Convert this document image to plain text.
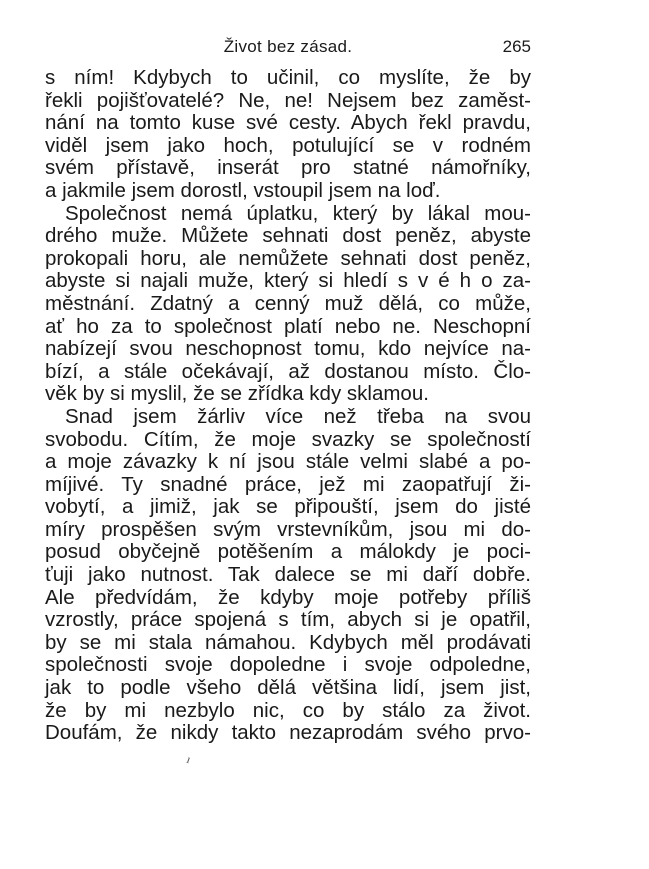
Život bez zásad.	265
s ním! Kdybych to učinil, co myslíte, že by
řekli pojišťovatelé? Ne, ne! Nejsem bez zaměst-
nání na tomto kuse své cesty. Abych řekl pravdu,
viděl jsem jako hoch, potulující se v rodném
svém přístavě, inserát pro statné námořníky,
a jakmile jsem dorostl, vstoupil jsem na loď.
Společnost nemá úplatku, který by lákal mou-
drého muže. Můžete sehnati dost peněz, abyste
prokopali horu, ale nemůžete sehnati dost peněz,
abyste si najali muže, který si hledí s v é h o za-
městnání. Zdatný a cenný muž dělá, co může,
ať ho za to společnost platí nebo ne. Neschopní
nabízejí svou neschopnost tomu, kdo nejvíce na-
bízí, a stále očekávají, až dostanou místo. Člo-
věk by si myslil, že se zřídka kdy sklamou.
Snad jsem žárliv více než třeba na svou
svobodu. Cítím, že moje svazky se společností
a moje závazky k ní jsou stále velmi slabé a po-
míjivé. Ty snadné práce, jež mi zaopatřují ži-
vobytí, a jimiž, jak se připouští, jsem do jisté
míry prospěšen svým vrstevníkům, jsou mi do-
posud obyčejně potěšením a málokdy je poci-
ťuji jako nutnost. Tak dalece se mi daří dobře.
Ale předvídám, že kdyby moje potřeby příliš
vzrostly, práce spojená s tím, abych si je opatřil,
by se mi stala námahou. Kdybych měl prodávati
společnosti svoje dopoledne i svoje odpoledne,
jak to podle všeho dělá většina lidí, jsem jist,
že by mi nezbylo nic, co by stálo za život.
Doufám, že nikdy takto nezaprodám svého prvo-
ı
